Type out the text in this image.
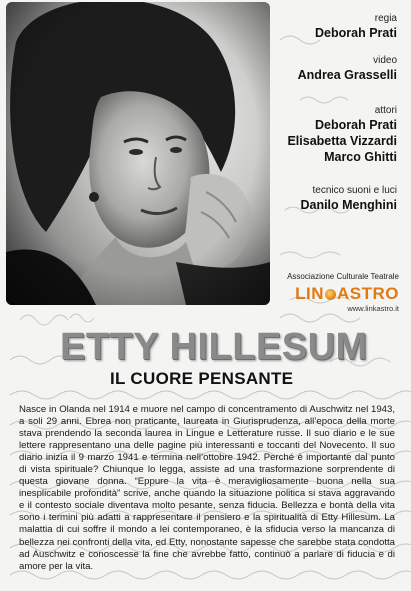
regia
Deborah Prati
video
Andrea Grasselli
attori
Deborah Prati
Elisabetta Vizzardi
Marco Ghitti
tecnico suoni e luci
Danilo Menghini
Associazione Culturale Teatrale
LIN ASTRO
www.linkastro.it
ETTY HILLESUM
IL CUORE PENSANTE
Nasce in Olanda nel 1914 e muore nel campo di concentramento di Auschwitz nel 1943, a soli 29 anni. Ebrea non praticante, laureata in Giurisprudenza, all’epoca della morte stava prendendo la seconda laurea in Lingue e Letterature russe. Il suo diario e le sue lettere rappresentano una delle pagine più interessanti e toccanti del Novecento. Il suo diario inizia il 9 marzo 1941 e termina nell’ottobre 1942. Perché è importante dal punto di vista spirituale? Chiunque lo legga, assiste ad una trasformazione sorprendente di questa giovane donna. “Eppure la vita è meravigliosamente buona nella sua inesplicabile profondità” scrive, anche quando la situazione politica si stava aggravando e il contesto sociale diventava molto pesante, senza fiducia. Bellezza e bontà della vita sono i termini più adatti a rappresentare il pensiero e la spiritualità di Etty Hillesum. La malattia di cui soffre il mondo a lei contemporaneo, è la sfiducia verso la mancanza di bellezza nei confronti della vita, ed Etty, nonostante sapesse che sarebbe stata condotta ad Auschwitz e conoscesse la fine che avrebbe fatto, continuò a parlare di fiducia e di amore per la vita.
